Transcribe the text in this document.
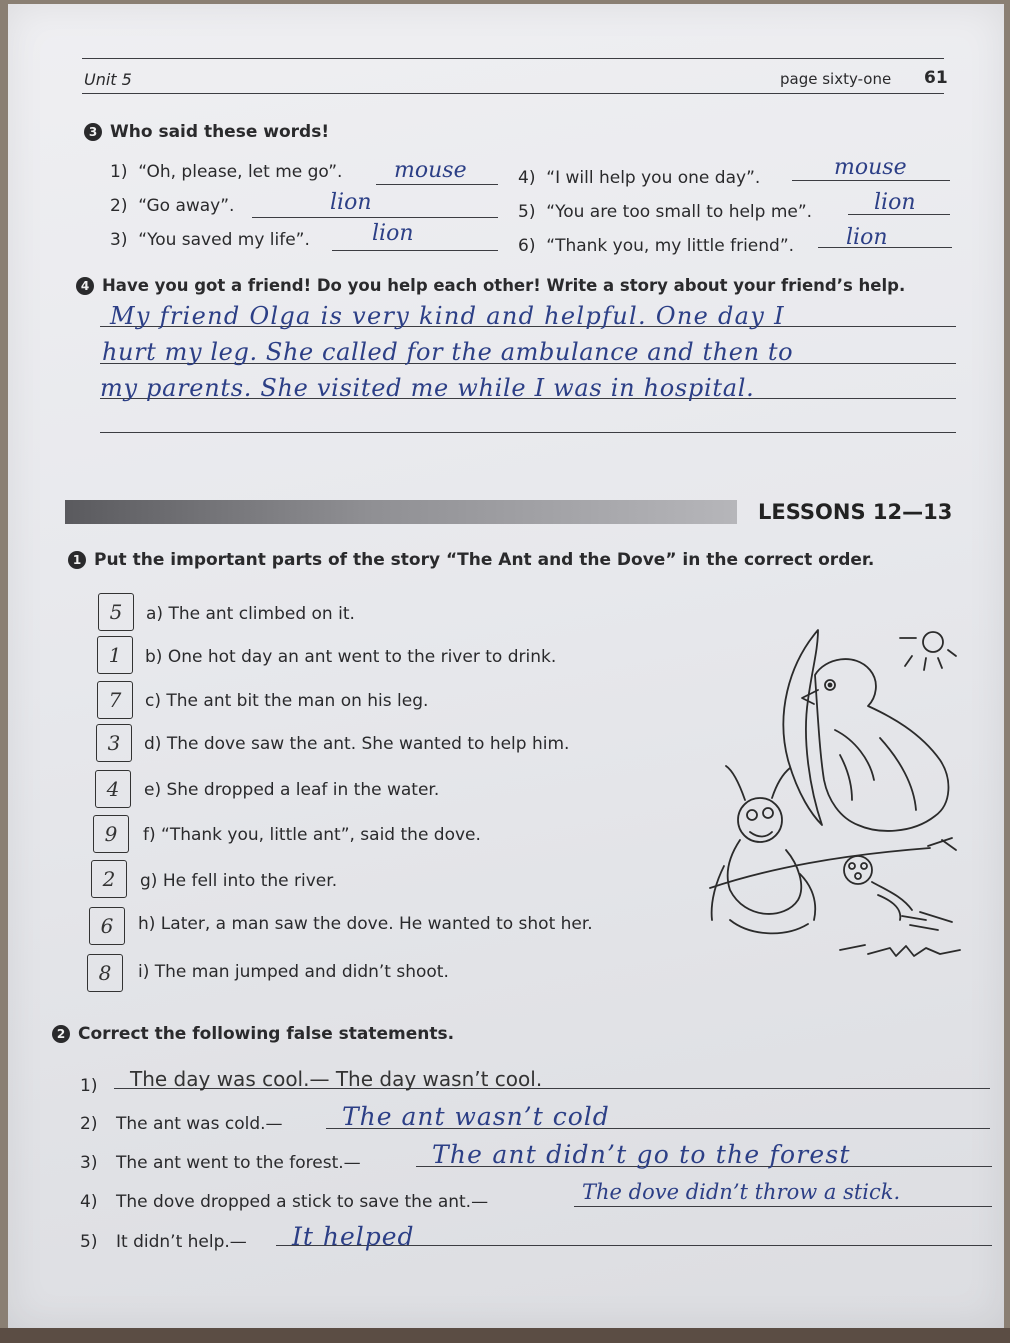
Unit 5	page sixty-one 61
3 Who said these words!
1) “Oh, please, let me go”. mouse
2) “Go away”.	lion
3) “You saved my life”.	lion
4) “I will help you one day”.	mouse
5) “You are too small to help me”.	lion
6) “Thank you, my little friend”. lion
4 Have you got a friend! Do you help each other! Write a story about your friend’s help.
My friend Olga is very kind and helpful. One day I
hurt my leg. She called for the ambulance and then to
my parents. She visited me while I was in hospital.
LESSONS 12—13
1 Put the important parts of the story “The Ant and the Dove” in the correct order.
5	a) The ant climbed on it.
1	b) One hot day an ant went to the river to drink.
7	c) The ant bit the man on his leg.
3	d) The dove saw the ant. She wanted to help him.
4	e) She dropped a leaf in the water.
9	f) “Thank you, little ant”, said the dove.
2	g) He fell into the river.
6	h) Later, a man saw the dove. He wanted to shot her.
8	i) The man jumped and didn’t shoot.
2 Correct the following false statements.
1) The day was cool.— The day wasn’t cool.
2) The ant was cold.— The ant wasn’t cold
3) The ant went to the forest.—	The ant didn’t go to the forest
4) The dove dropped a stick to save the ant.—	The dove didn’t throw a stick.
5) It didn’t help.— It helped
